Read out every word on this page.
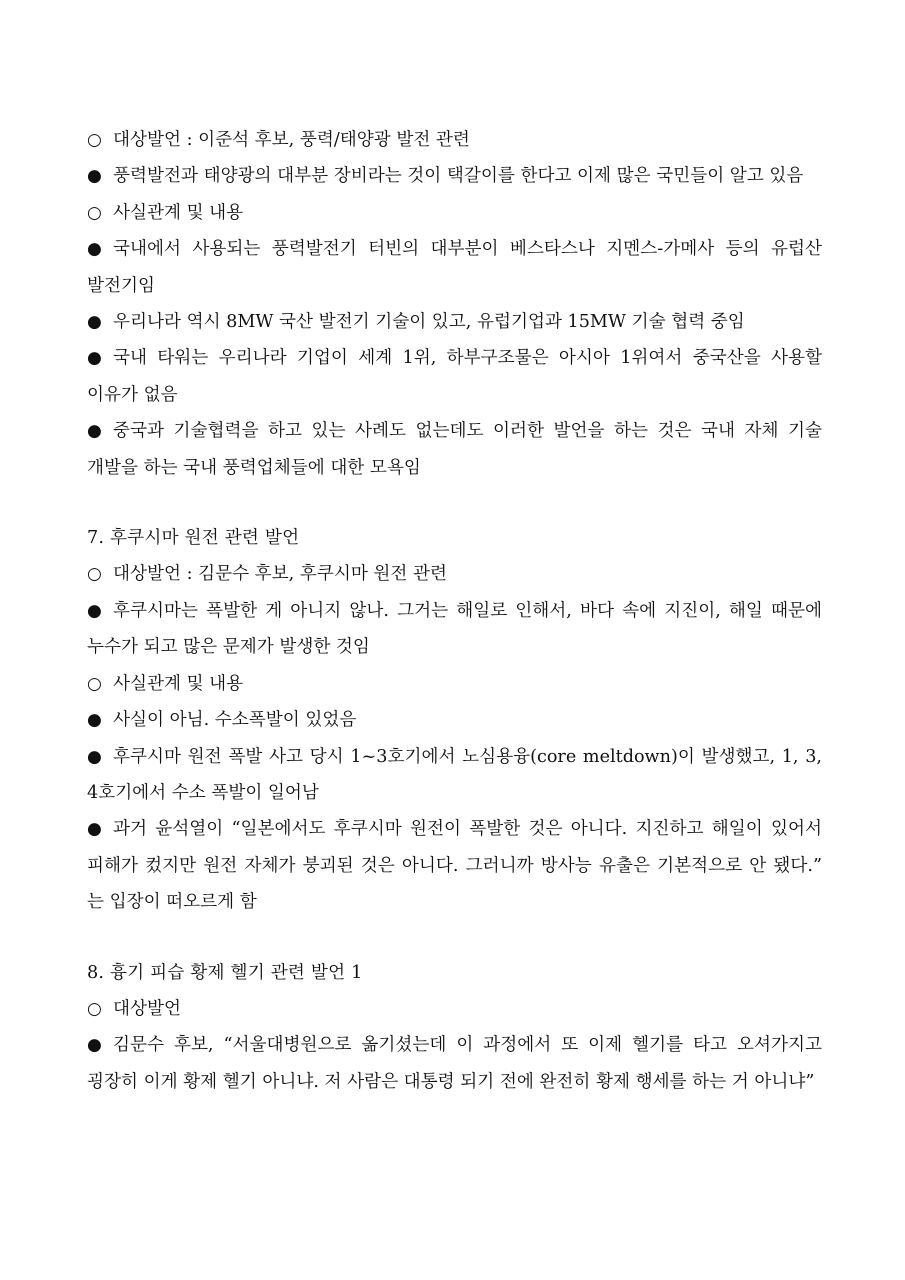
○ 대상발언 : 이준석 후보, 풍력/태양광 발전 관련

● 풍력발전과 태양광의 대부분 장비라는 것이 택갈이를 한다고 이제 많은 국민들이 알고 있음

○ 사실관계 및 내용

● 국내에서 사용되는 풍력발전기 터빈의 대부분이 베스타스나 지멘스-가메사 등의 유럽산 발전기임

● 우리나라 역시 8MW 국산 발전기 기술이 있고, 유럽기업과 15MW 기술 협력 중임

● 국내 타워는 우리나라 기업이 세계 1위, 하부구조물은 아시아 1위여서 중국산을 사용할 이유가 없음

● 중국과 기술협력을 하고 있는 사례도 없는데도 이러한 발언을 하는 것은 국내 자체 기술 개발을 하는 국내 풍력업체들에 대한 모욕임

7. 후쿠시마 원전 관련 발언

○ 대상발언 : 김문수 후보, 후쿠시마 원전 관련

● 후쿠시마는 폭발한 게 아니지 않나. 그거는 해일로 인해서, 바다 속에 지진이, 해일 때문에 누수가 되고 많은 문제가 발생한 것임

○ 사실관계 및 내용

● 사실이 아님. 수소폭발이 있었음

● 후쿠시마 원전 폭발 사고 당시 1~3호기에서 노심용융(core meltdown)이 발생했고, 1, 3, 4호기에서 수소 폭발이 일어남

● 과거 윤석열이 “일본에서도 후쿠시마 원전이 폭발한 것은 아니다. 지진하고 해일이 있어서 피해가 컸지만 원전 자체가 붕괴된 것은 아니다. 그러니까 방사능 유출은 기본적으로 안 됐다.” 는 입장이 떠오르게 함

8. 흉기 피습 황제 헬기 관련 발언 1

○ 대상발언

● 김문수 후보, “서울대병원으로 옮기셨는데 이 과정에서 또 이제 헬기를 타고 오셔가지고 굉장히 이게 황제 헬기 아니냐. 저 사람은 대통령 되기 전에 완전히 황제 행세를 하는 거 아니냐”
